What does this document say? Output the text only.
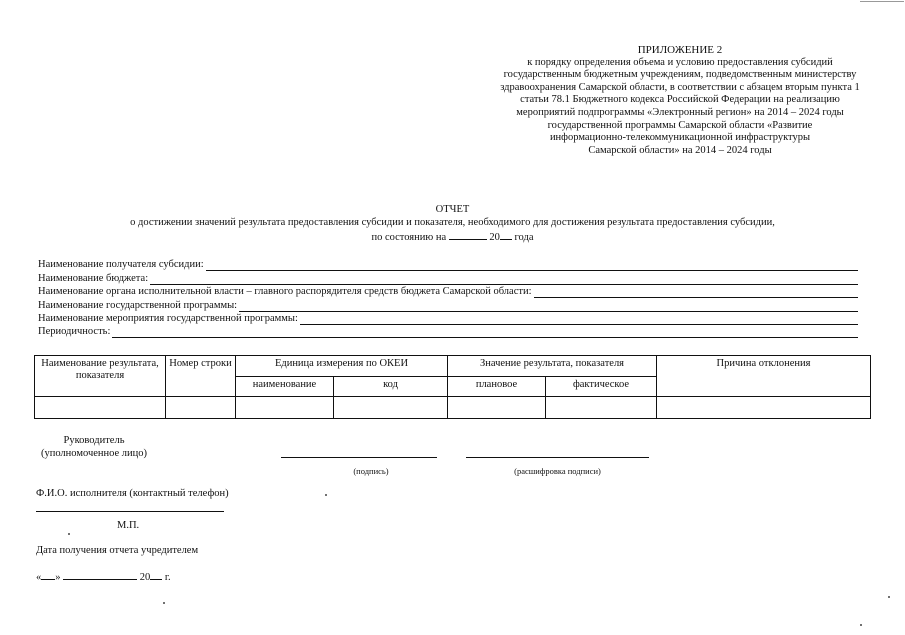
ПРИЛОЖЕНИЕ 2
к порядку определения объема и условию предоставления субсидий
государственным бюджетным учреждениям, подведомственным министерству
здравоохранения Самарской области, в соответствии с абзацем вторым пункта 1
статьи 78.1 Бюджетного кодекса Российской Федерации на реализацию
мероприятий подпрограммы «Электронный регион» на 2014 – 2024 годы
государственной программы Самарской области «Развитие
информационно-телекоммуникационной инфраструктуры
Самарской области» на 2014 – 2024 годы
ОТЧЕТ
о достижении значений результата предоставления субсидии и показателя, необходимого для достижения результата предоставления субсидии,
по состоянию на	20 года
Наименование получателя субсидии:
Наименование бюджета:
Наименование органа исполнительной власти – главного распорядителя средств бюджета Самарской области:
Наименование государственной программы:
Наименование мероприятия государственной программы:
Периодичность:
Наименование результата, показателя	Номер строки	Единица измерения по ОКЕИ		Значение результата, показателя		Причина отклонения
		наименование	код	плановое	фактическое	

Руководитель
(уполномоченное лицо)
(подпись)	(расшифровка подписи)
Ф.И.О. исполнителя (контактный телефон)
М.П.
Дата получения отчета учредителем
« »	20 г.
